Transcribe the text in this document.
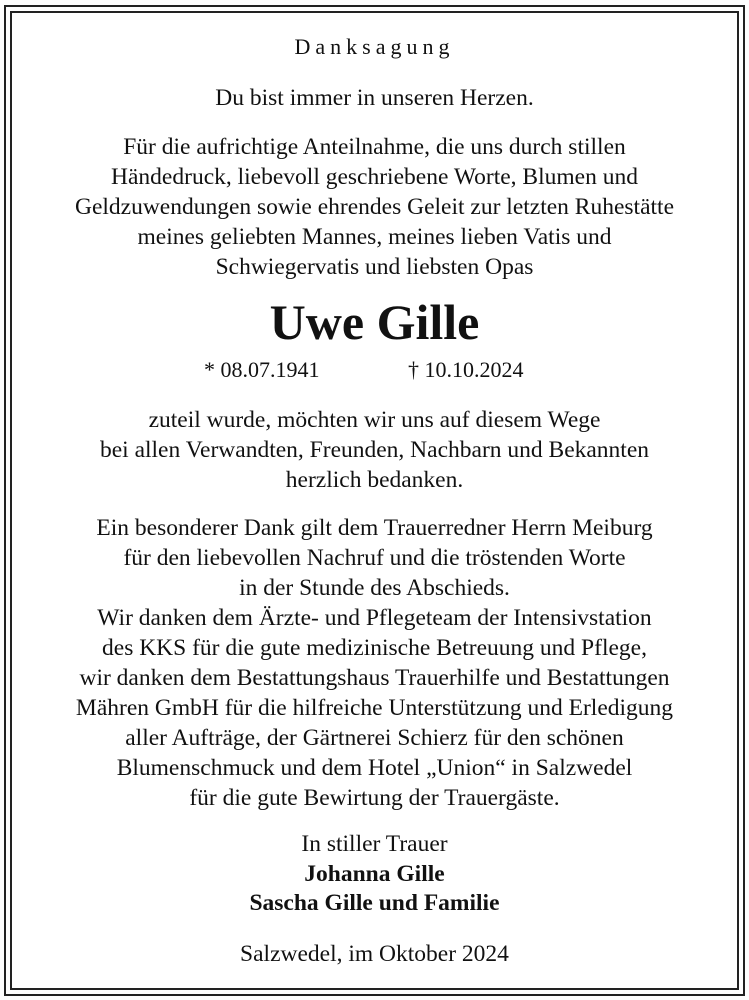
Danksagung
Du bist immer in unseren Herzen.
Für die aufrichtige Anteilnahme, die uns durch stillen
Händedruck, liebevoll geschriebene Worte, Blumen und
Geldzuwendungen sowie ehrendes Geleit zur letzten Ruhestätte
meines geliebten Mannes, meines lieben Vatis und
Schwiegervatis und liebsten Opas
Uwe Gille
* 08.07.1941	† 10.10.2024
zuteil wurde, möchten wir uns auf diesem Wege
bei allen Verwandten, Freunden, Nachbarn und Bekannten
herzlich bedanken.
Ein besonderer Dank gilt dem Trauerredner Herrn Meiburg
für den liebevollen Nachruf und die tröstenden Worte
in der Stunde des Abschieds.
Wir danken dem Ärzte- und Pflegeteam der Intensivstation
des KKS für die gute medizinische Betreuung und Pflege,
wir danken dem Bestattungshaus Trauerhilfe und Bestattungen
Mähren GmbH für die hilfreiche Unterstützung und Erledigung
aller Aufträge, der Gärtnerei Schierz für den schönen
Blumenschmuck und dem Hotel „Union“ in Salzwedel
für die gute Bewirtung der Trauergäste.
In stiller Trauer
Johanna Gille
Sascha Gille und Familie
Salzwedel, im Oktober 2024
